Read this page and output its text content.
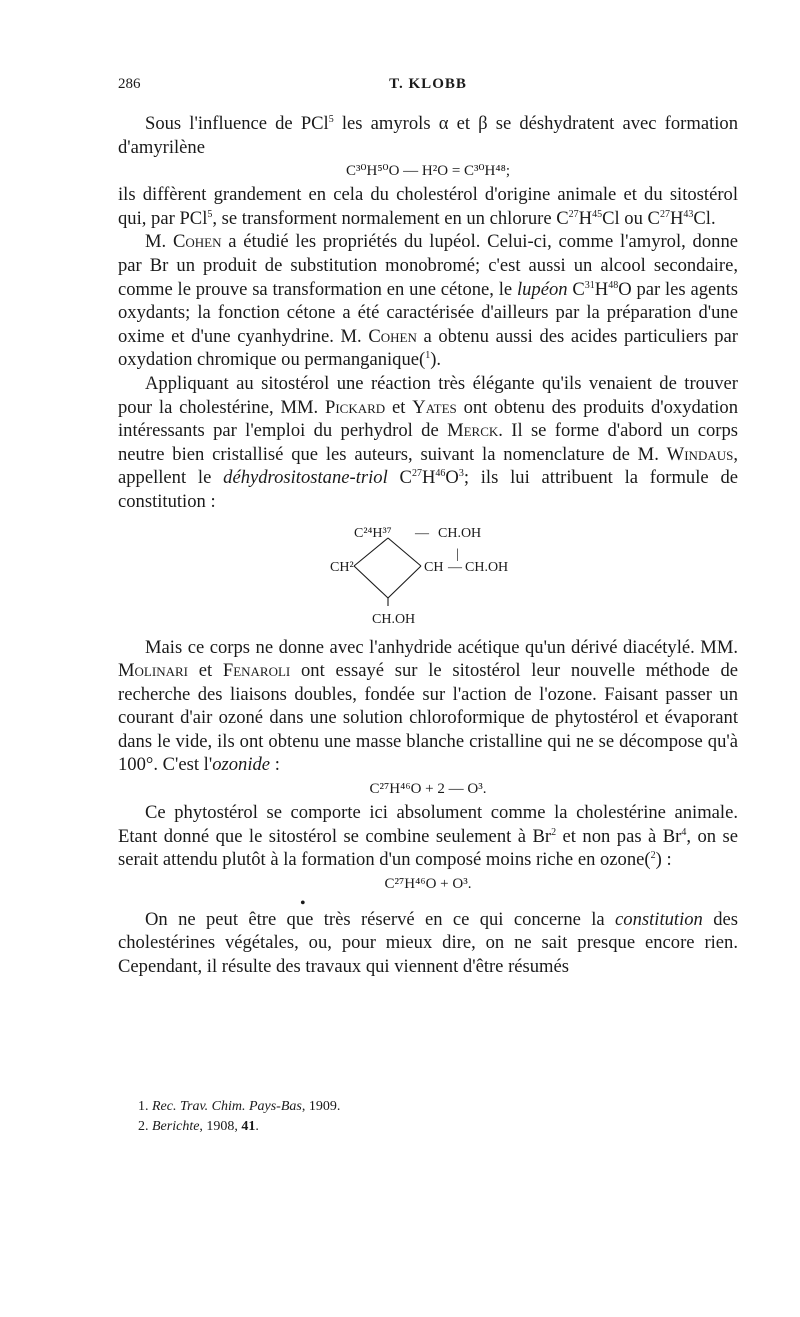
286	T. KLOBB

Sous l'influence de PCl$^5$ les amyrols α et β se déshydratent avec formation d'amyrilène

C³⁰H⁵⁰O — H²O = C³⁰H⁴⁸;

ils diffèrent grandement en cela du cholestérol d'origine animale et du sitostérol qui, par PCl$^5$, se transforment normalement en un chlorure $C^{27}H^{45}Cl$ ou $C^{27}H^{43}Cl$.

M. Cohen a étudié les propriétés du lupéol. Celui-ci, comme l'amyrol, donne par Br un produit de substitution monobromé; c'est aussi un alcool secondaire, comme le prouve sa transformation en une cétone, le lupéon $C^{31}H^{48}O$ par les agents oxydants; la fonction cétone a été caractérisée d'ailleurs par la préparation d'une oxime et d'une cyanhydrine. M. Cohen a obtenu aussi des acides particuliers par oxydation chromique ou permanganique($^1$).

Appliquant au sitostérol une réaction très élégante qu'ils venaient de trouver pour la cholestérine, MM. Pickard et Yates ont obtenu des produits d'oxydation intéressants par l'emploi du perhydrol de Merck. Il se forme d'abord un corps neutre bien cristallisé que les auteurs, suivant la nomenclature de M. Windaus, appellent le déhydrositostane-triol $C^{27}H^{46}O^3$; ils lui attribuent la formule de constitution :

C²⁴H³⁷ — CH.OH
|
CH²	CH — CH.OH
CH.OH

Mais ce corps ne donne avec l'anhydride acétique qu'un dérivé diacétylé. MM. Molinari et Fenaroli ont essayé sur le sitostérol leur nouvelle méthode de recherche des liaisons doubles, fondée sur l'action de l'ozone. Faisant passer un courant d'air ozoné dans une solution chloroformique de phytostérol et évaporant dans le vide, ils ont obtenu une masse blanche cristalline qui ne se décompose qu'à 100°. C'est l'ozonide :

C²⁷H⁴⁶O + 2 — O³.

Ce phytostérol se comporte ici absolument comme la cholestérine animale. Etant donné que le sitostérol se combine seulement à Br$^2$ et non pas à Br$^4$, on se serait attendu plutôt à la formation d'un composé moins riche en ozone($^2$) :

C²⁷H⁴⁶O + O³.

•

On ne peut être que très réservé en ce qui concerne la constitution des cholestérines végétales, ou, pour mieux dire, on ne sait presque encore rien. Cependant, il résulte des travaux qui viennent d'être résumés

1. Rec. Trav. Chim. Pays-Bas, 1909.

2. Berichte, 1908, 41.
